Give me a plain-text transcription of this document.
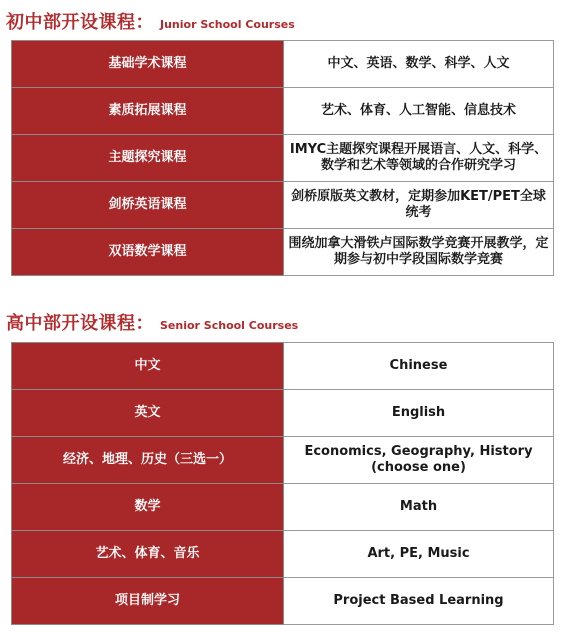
初中部开设课程： Junior School Courses
基础学术课程	中文、英语、数学、科学、人文
素质拓展课程	艺术、体育、人工智能、信息技术
主题探究课程	IMYC主题探究课程开展语言、人文、科学、数学和艺术等领域的合作研究学习
剑桥英语课程	剑桥原版英文教材，定期参加KET/PET全球统考
双语数学课程	围绕加拿大滑铁卢国际数学竞赛开展教学，定期参与初中学段国际数学竞赛
高中部开设课程： Senior School Courses
中文	Chinese
英文	English
经济、地理、历史（三选一）	Economics, Geography, History (choose one)
数学	Math
艺术、体育、音乐	Art, PE, Music
项目制学习	Project Based Learning
